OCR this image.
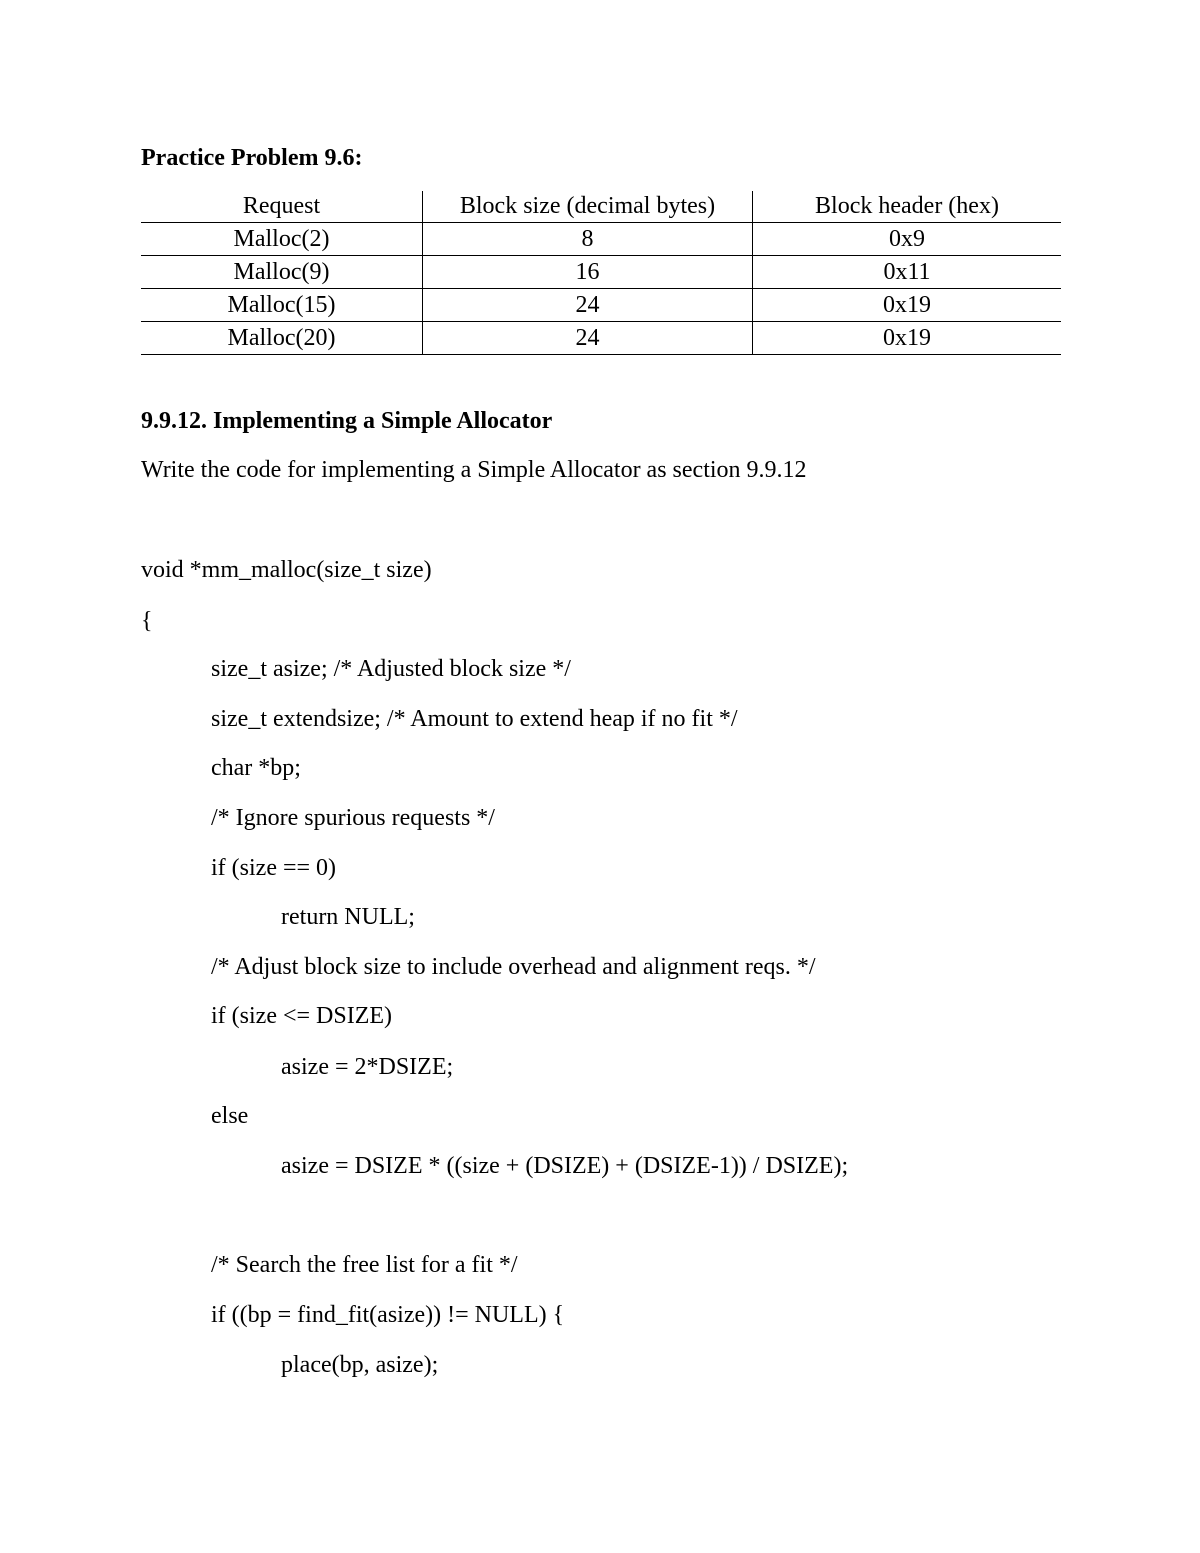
Practice Problem 9.6:
Request	Block size (decimal bytes)	Block header (hex)
Malloc(2)	8	0x9
Malloc(9)	16	0x11
Malloc(15)	24	0x19
Malloc(20)	24	0x19
9.9.12. Implementing a Simple Allocator
Write the code for implementing a Simple Allocator as section 9.9.12
void *mm_malloc(size_t size)
{
size_t asize; /* Adjusted block size */
size_t extendsize; /* Amount to extend heap if no fit */
char *bp;
/* Ignore spurious requests */
if (size == 0)
return NULL;
/* Adjust block size to include overhead and alignment reqs. */
if (size <= DSIZE)
asize = 2*DSIZE;
else
asize = DSIZE * ((size + (DSIZE) + (DSIZE-1)) / DSIZE);
/* Search the free list for a fit */
if ((bp = find_fit(asize)) != NULL) {
place(bp, asize);
